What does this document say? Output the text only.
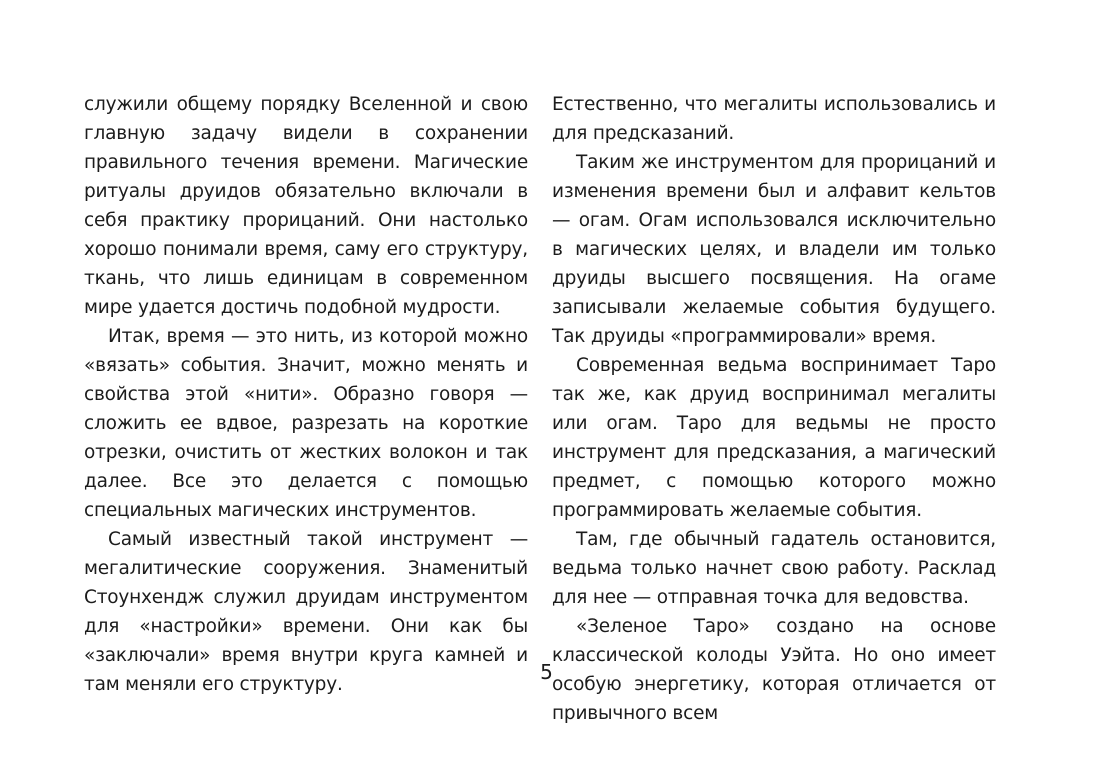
служили общему порядку Вселенной и свою главную задачу видели в сохранении правильного течения времени. Магические ритуалы друидов обязательно включали в себя практику прорицаний. Они настолько хорошо понимали время, саму его структуру, ткань, что лишь единицам в современном мире удается достичь подобной мудрости.

Итак, время — это нить, из которой можно «вязать» события. Значит, можно менять и свойства этой «нити». Образно говоря — сложить ее вдвое, разрезать на короткие отрезки, очистить от жестких волокон и так далее. Все это делается с помощью специальных магических инструментов.

Самый известный такой инструмент — мегалитические сооружения. Знаменитый Стоунхендж служил друидам инструментом для «настройки» времени. Они как бы «заключали» время внутри круга камней и там меняли его структуру.

Естественно, что мегалиты использовались и для предсказаний.

Таким же инструментом для прорицаний и изменения времени был и алфавит кельтов — огам. Огам использовался исключительно в магических целях, и владели им только друиды высшего посвящения. На огаме записывали желаемые события будущего. Так друиды «программировали» время.

Современная ведьма воспринимает Таро так же, как друид воспринимал мегалиты или огам. Таро для ведьмы не просто инструмент для предсказания, а магический предмет, с помощью которого можно программировать желаемые события.

Там, где обычный гадатель остановится, ведьма только начнет свою работу. Расклад для нее — отправная точка для ведовства.

«Зеленое Таро» создано на основе классической колоды Уэйта. Но оно имеет особую энергетику, которая отличается от привычного всем

5
